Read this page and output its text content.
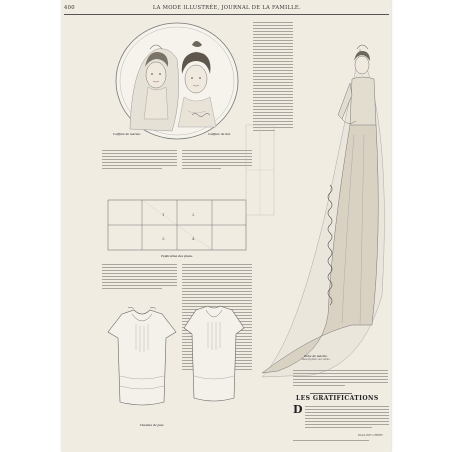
400	LA MODE ILLUSTRÉE, JOURNAL DE LA FAMILLE.
Coiffure de mariée.	Coiffure de bal.
1	2
3	4
Explication des plans.
Chemise de jour.
Robe de mariée.
Description, au verso.
LES GRATIFICATIONS
D
PAULINE CHÉRY.
